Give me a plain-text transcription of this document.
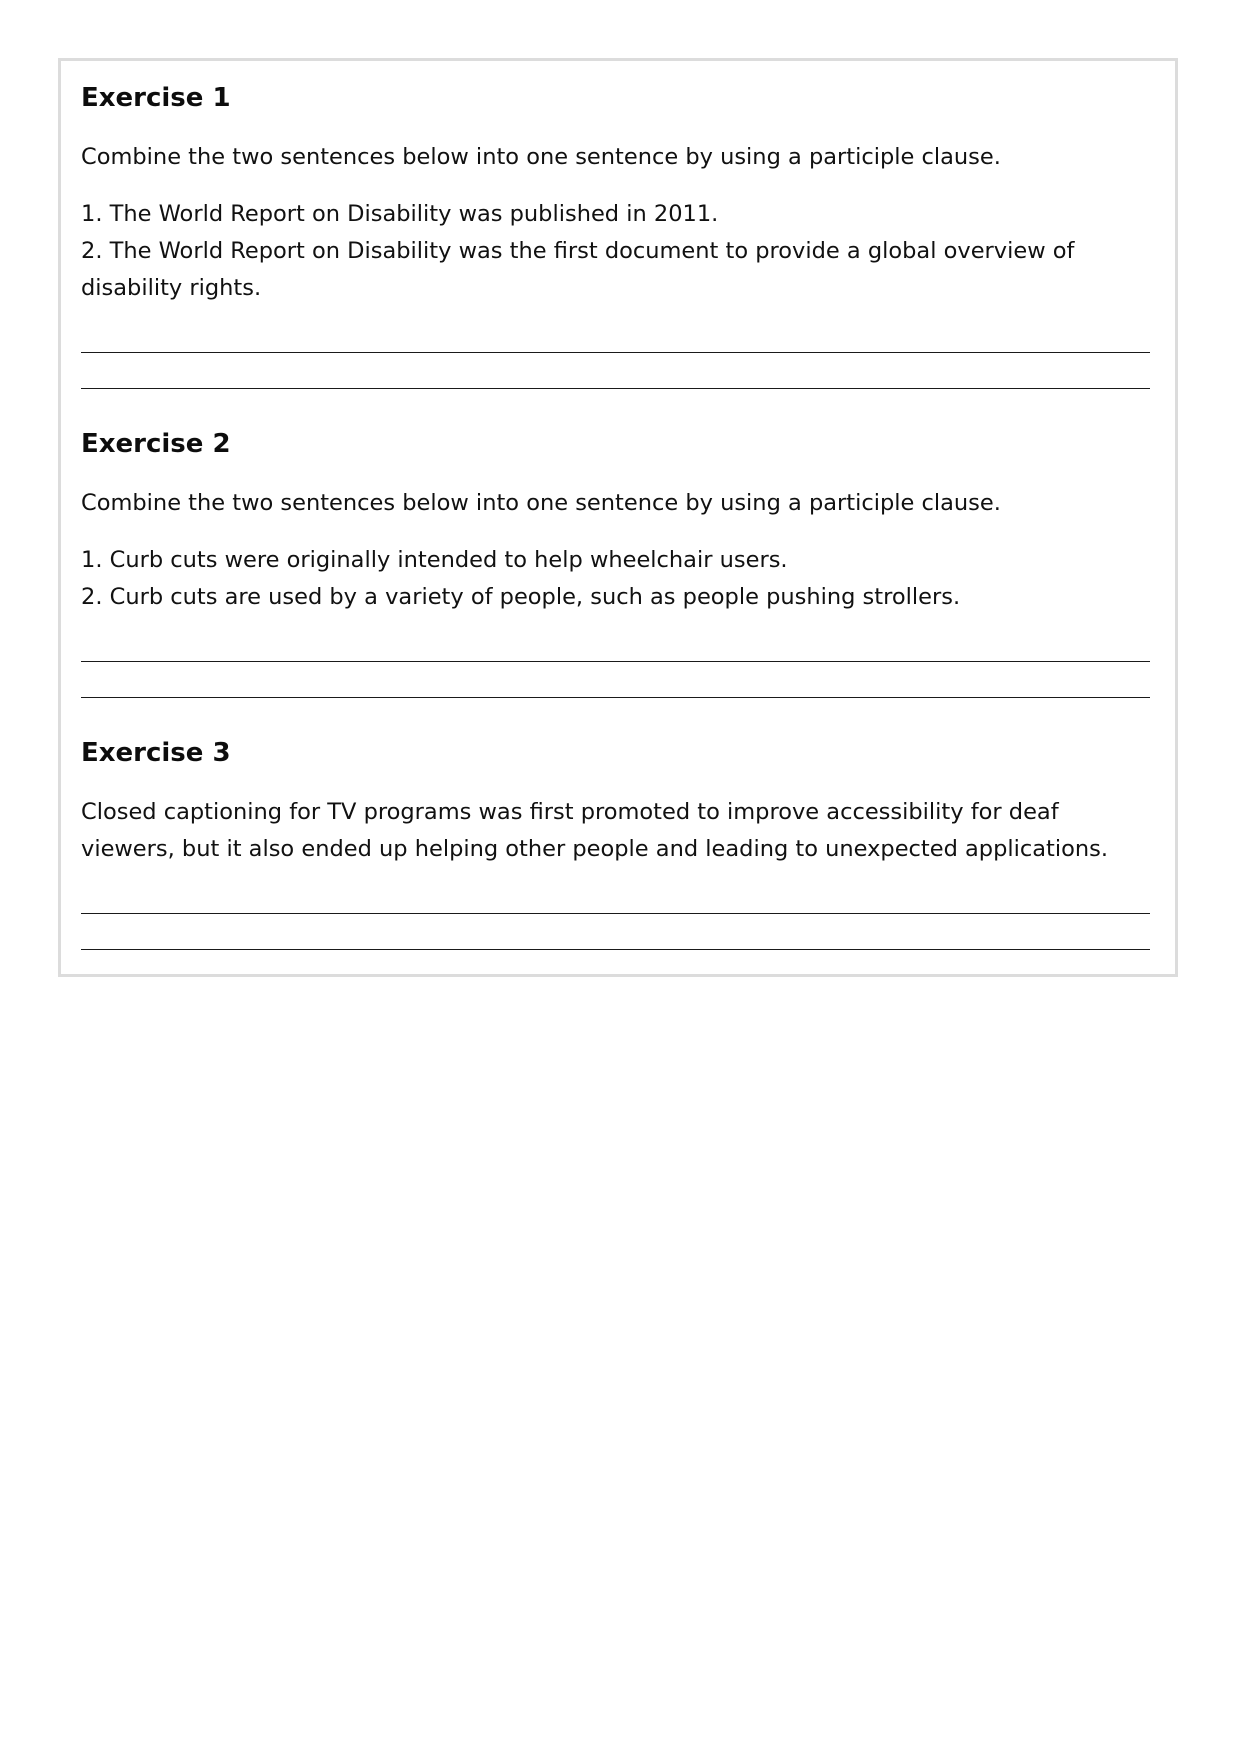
Exercise 1

Combine the two sentences below into one sentence by using a participle clause.

1. The World Report on Disability was published in 2011.
2. The World Report on Disability was the first document to provide a global overview of disability rights.
Exercise 2

Combine the two sentences below into one sentence by using a participle clause.

1. Curb cuts were originally intended to help wheelchair users.
2. Curb cuts are used by a variety of people, such as people pushing strollers.
Exercise 3

Closed captioning for TV programs was first promoted to improve accessibility for deaf viewers, but it also ended up helping other people and leading to unexpected applications.
